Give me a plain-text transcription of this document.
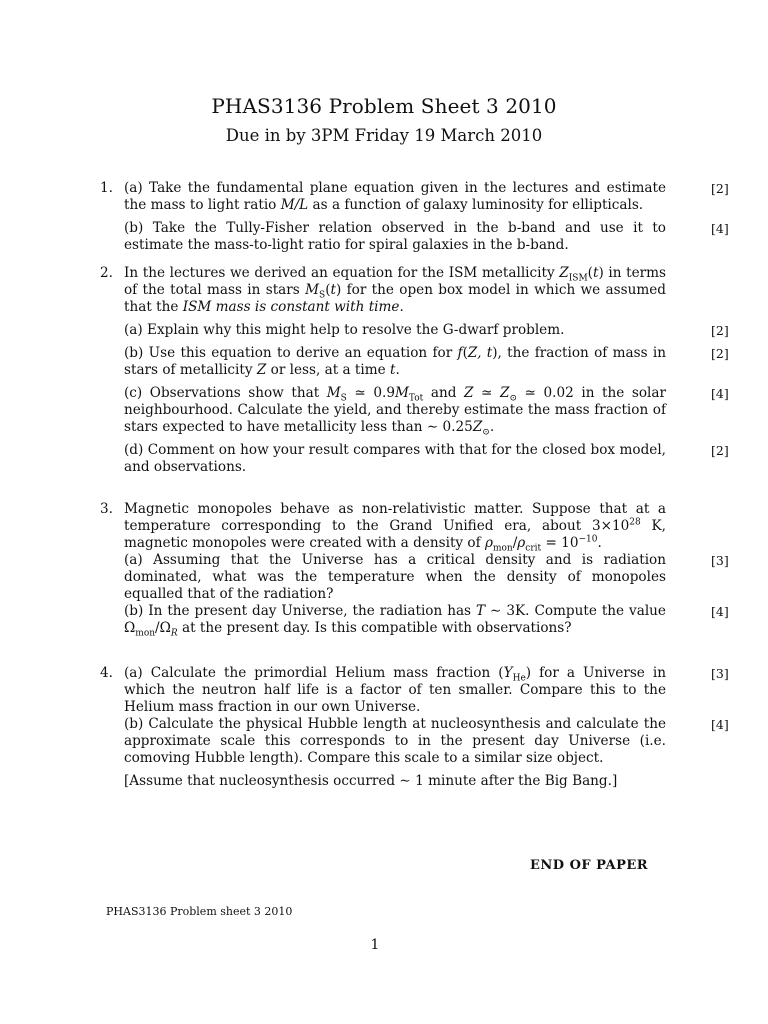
PHAS3136 Problem Sheet 3 2010
Due in by 3PM Friday 19 March 2010
1. (a) Take the fundamental plane equation given in the lectures and estimate the mass to light ratio M/L as a function of galaxy luminosity for ellipticals.
[2]
(b) Take the Tully-Fisher relation observed in the b-band and use it to estimate the mass-to-light ratio for spiral galaxies in the b-band.
[4]
2. In the lectures we derived an equation for the ISM metallicity $Z_{ISM}(t)$ in terms of the total mass in stars $M_S(t)$ for the open box model in which we assumed that the ISM mass is constant with time.
(a) Explain why this might help to resolve the G-dwarf problem.	[2]
(b) Use this equation to derive an equation for f(Z, t), the fraction of mass in stars of metallicity Z or less, at a time t.
[2]
(c) Observations show that $M_S$ ≃ $0.9M_{Tot}$ and Z ≃ $Z_⊙$ ≃ 0.02 in the solar neighbourhood. Calculate the yield, and thereby estimate the mass fraction of stars expected to have metallicity less than ∼ $0.25Z_⊙$.
[4]
(d) Comment on how your result compares with that for the closed box model, and observations.
[2]
3. Magnetic monopoles behave as non-relativistic matter. Suppose that at a temperature corresponding to the Grand Unified era, about $3\times 10^{28}$ K, magnetic monopoles were created with a density of $\rho_{mon}/\rho_{crit} = 10^{-10}$.
(a) Assuming that the Universe has a critical density and is radiation dominated, what was the temperature when the density of monopoles equalled that of the radiation?
[3]
(b) In the present day Universe, the radiation has T ∼ 3K. Compute the value $\Omega_{mon}/\Omega_R$ at the present day. Is this compatible with observations?
[4]
4. (a) Calculate the primordial Helium mass fraction $(Y_{He})$ for a Universe in which the neutron half life is a factor of ten smaller. Compare this to the Helium mass fraction in our own Universe.
[3]
(b) Calculate the physical Hubble length at nucleosynthesis and calculate the approximate scale this corresponds to in the present day Universe (i.e. comoving Hubble length). Compare this scale to a similar size object.
[4]
[Assume that nucleosynthesis occurred ∼ 1 minute after the Big Bang.]
END OF PAPER
PHAS3136 Problem sheet 3 2010
1
